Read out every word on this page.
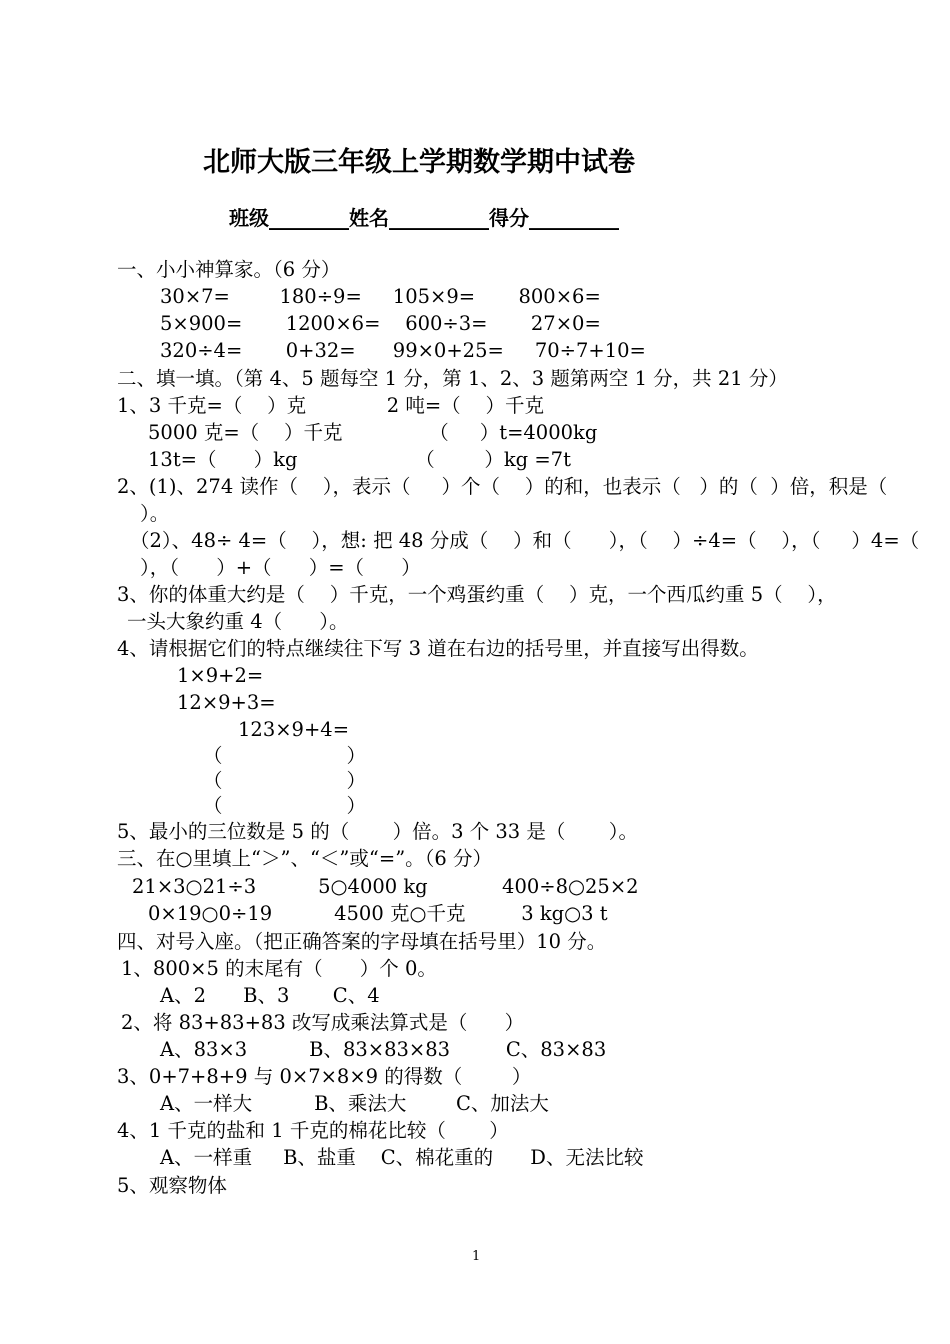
北师大版三年级上学期数学期中试卷
班级________姓名__________得分_________
一、小小神算家。（6 分）
30×7=        180÷9=     105×9=       800×6=
5×900=       1200×6=    600÷3=       27×0=
320÷4=       0+32=      99×0+25=     70÷7+10=
二、填一填。（第 4、5 题每空 1 分，第 1、2、3 题第两空 1 分，共 21 分）
1、3 千克=（    ）克             2 吨=（    ）千克
5000 克=（    ）千克              （     ）t=4000kg
13t=（      ）kg                   （        ）kg =7t
2、(1)、274 读作（    ），表示（     ）个（    ）的和，也表示（   ）的（  ）倍，积是（
）。
（2）、48÷ 4=（    ），想: 把 48 分成（    ）和（      ），（    ）÷4=（    ），（     ）4=（
），（      ）+（      ）=（      ）
3、你的体重大约是（    ）千克，一个鸡蛋约重（    ）克，一个西瓜约重 5（    ），
一头大象约重 4（      ）。
4、请根据它们的特点继续往下写 3 道在右边的括号里，并直接写出得数。
1×9+2=
12×9+3=
123×9+4=
（                    ）
（                    ）
（                    ）
5、最小的三位数是 5 的（       ）倍。3 个 33 是（       ）。
三、在○里填上“＞”、“＜”或“=”。（6 分）
21×3○21÷3          5○4000 kg            400÷8○25×2
0×19○0÷19          4500 克○千克         3 kg○3 t
四、对号入座。（把正确答案的字母填在括号里）10 分。
1、800×5 的末尾有（      ）个 0。
A、2      B、3       C、4
2、将 83+83+83 改写成乘法算式是（      ）
A、83×3          B、83×83×83         C、83×83
3、0+7+8+9 与 0×7×8×9 的得数（        ）
A、一样大          B、乘法大        C、加法大
4、1 千克的盐和 1 千克的棉花比较（       ）
A、一样重     B、盐重    C、棉花重的      D、无法比较
5、观察物体
1
